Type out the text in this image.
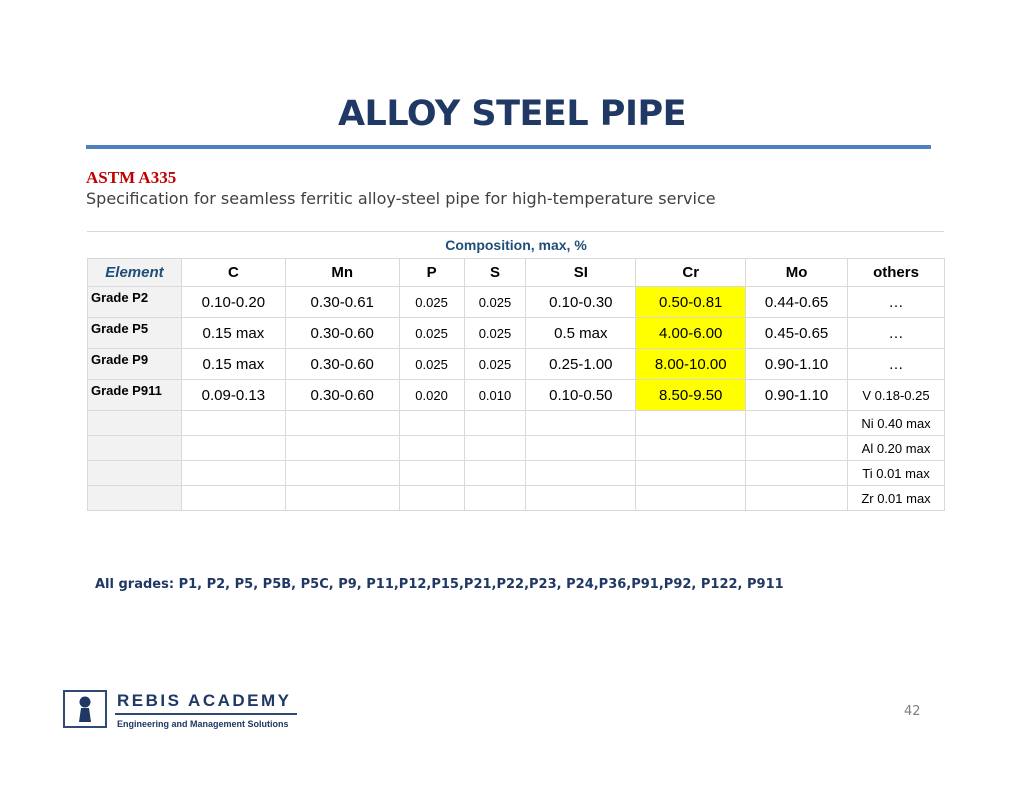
ALLOY STEEL PIPE
ASTM A335
Specification for seamless ferritic alloy-steel pipe for high-temperature service
Composition, max, %								
Element	C	Mn	P	S	SI	Cr	Mo	others
Grade P2	0.10-0.20	0.30-0.61	0.025	0.025	0.10-0.30	0.50-0.81	0.44-0.65	…
Grade P5	0.15 max	0.30-0.60	0.025	0.025	0.5 max	4.00-6.00	0.45-0.65	…
Grade P9	0.15 max	0.30-0.60	0.025	0.025	0.25-1.00	8.00-10.00	0.90-1.10	…
Grade P911	0.09-0.13	0.30-0.60	0.020	0.010	0.10-0.50	8.50-9.50	0.90-1.10	V 0.18-0.25
								Ni 0.40 max
								Al 0.20 max
								Ti 0.01 max
								Zr 0.01 max
All grades: P1, P2, P5, P5B, P5C, P9, P11,P12,P15,P21,P22,P23, P24,P36,P91,P92, P122, P911
REBIS ACADEMY
Engineering and Management Solutions
42
